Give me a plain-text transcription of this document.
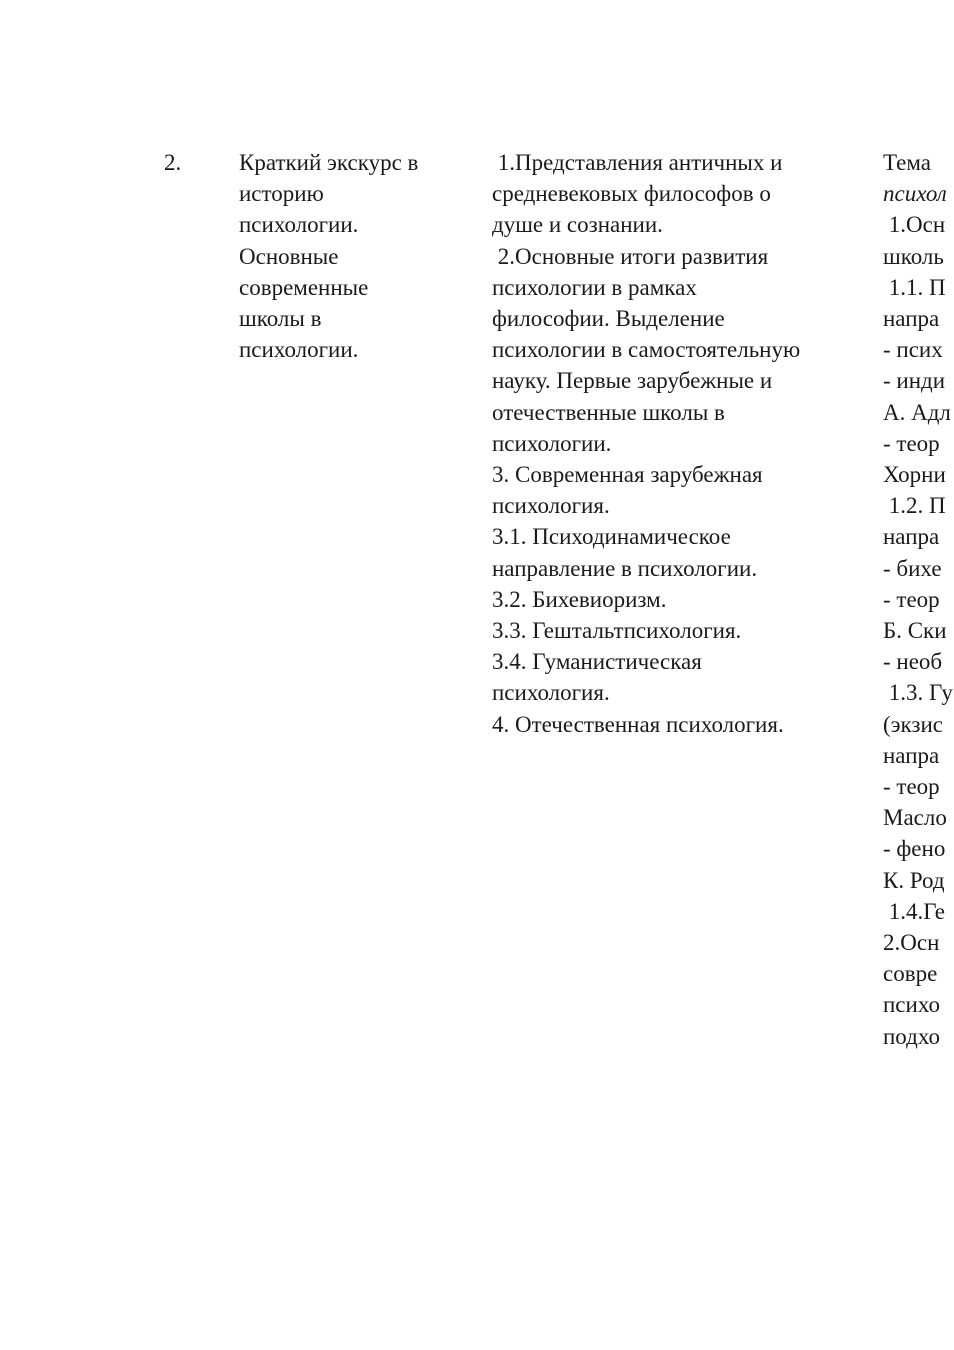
2.	Краткий экскурс в
историю
психологии.
Основные
современные
школы в
психологии.
1.Представления античных и
средневековых философов о
душе и сознании.
2.Основные итоги развития
психологии в рамках
философии. Выделение
психологии в самостоятельную
науку. Первые зарубежные и
отечественные школы в
психологии.
3. Современная зарубежная
психология.
3.1. Психодинамическое
направление в психологии.
3.2. Бихевиоризм.
3.3. Гештальтпсихология.
3.4. Гуманистическая
психология.
4. Отечественная психология.
Тема
психол
1.Осн
школь
1.1. П
напра
- псих
- инди
А. Адл
- теор
Хорни
1.2. П
напра
- бихе
- теор
Б. Ски
- необ
1.3. Гу
(экзис
напра
- теор
Масло
- фено
К. Род
1.4.Ге
2.Осн
совре
психо
подхо
